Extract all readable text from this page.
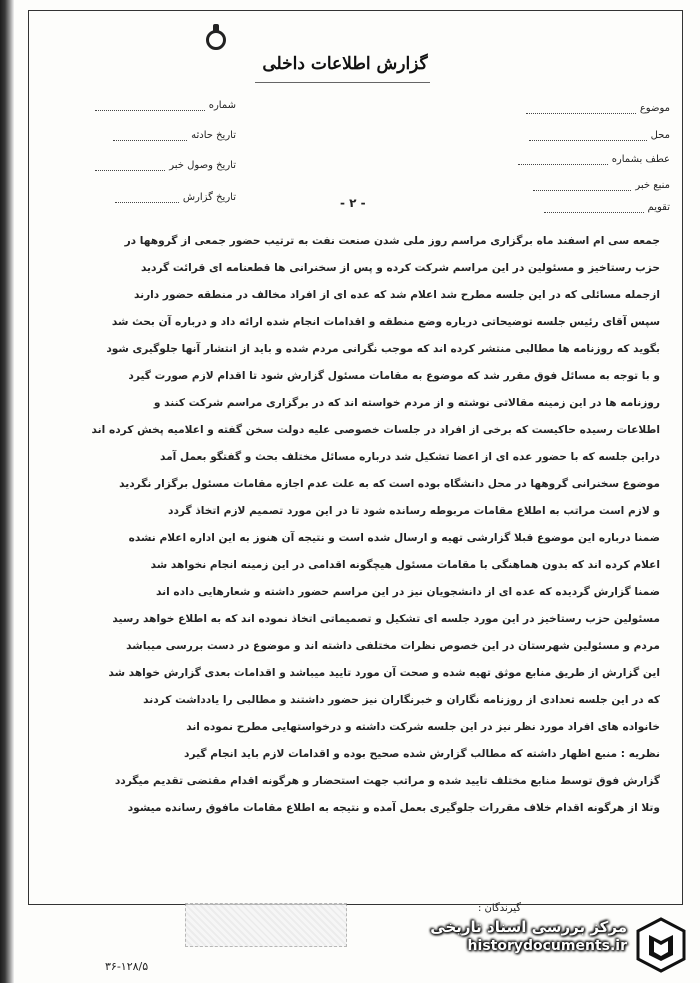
گزارش اطلاعات داخلی
موضوع
محل
عطف بشماره
منبع خبر
تقویم
شماره
تاریخ حادثه
تاریخ وصول خبر
تاریخ گزارش	- ۲ -
جمعه سی ام اسفند ماه برگزاری مراسم روز ملی شدن صنعت نفت به ترتیب حضور جمعی از گروهها در
حزب رستاخیز و مسئولین در این مراسم شرکت کرده و پس از سخنرانی ها قطعنامه ای قرائت گردید
ازجمله مسائلی که در این جلسه مطرح شد اعلام شد که عده ای از افراد مخالف در منطقه حضور دارند
سپس آقای رئیس جلسه توضیحاتی درباره وضع منطقه و اقدامات انجام شده ارائه داد و درباره آن بحث شد
بگوید که روزنامه ها مطالبی منتشر کرده اند که موجب نگرانی مردم شده و باید از انتشار آنها جلوگیری شود
و با توجه به مسائل فوق مقرر شد که موضوع به مقامات مسئول گزارش شود تا اقدام لازم صورت گیرد
روزنامه ها در این زمینه مقالاتی نوشته و از مردم خواسته اند که در برگزاری مراسم شرکت کنند و
اطلاعات رسیده حاکیست که برخی از افراد در جلسات خصوصی علیه دولت سخن گفته و اعلامیه پخش کرده اند
دراین جلسه که با حضور عده ای از اعضا تشکیل شد درباره مسائل مختلف بحث و گفتگو بعمل آمد
موضوع سخنرانی گروهها در محل دانشگاه بوده است که به علت عدم اجازه مقامات مسئول برگزار نگردید
و لازم است مراتب به اطلاع مقامات مربوطه رسانده شود تا در این مورد تصمیم لازم اتخاذ گردد
ضمنا درباره این موضوع قبلا گزارشی تهیه و ارسال شده است و نتیجه آن هنوز به این اداره اعلام نشده
اعلام کرده اند که بدون هماهنگی با مقامات مسئول هیچگونه اقدامی در این زمینه انجام نخواهد شد
ضمنا گزارش گردیده که عده ای از دانشجویان نیز در این مراسم حضور داشته و شعارهایی داده اند
مسئولین حزب رستاخیز در این مورد جلسه ای تشکیل و تصمیماتی اتخاذ نموده اند که به اطلاع خواهد رسید
مردم و مسئولین شهرستان در این خصوص نظرات مختلفی داشته اند و موضوع در دست بررسی میباشد
این گزارش از طریق منابع موثق تهیه شده و صحت آن مورد تایید میباشد و اقدامات بعدی گزارش خواهد شد
که در این جلسه تعدادی از روزنامه نگاران و خبرنگاران نیز حضور داشتند و مطالبی را یادداشت کردند
خانواده های افراد مورد نظر نیز در این جلسه شرکت داشته و درخواستهایی مطرح نموده اند
نظریه : منبع اظهار داشته که مطالب گزارش شده صحیح بوده و اقدامات لازم باید انجام گیرد
گزارش فوق توسط منابع مختلف تایید شده و مراتب جهت استحضار و هرگونه اقدام مقتضی تقدیم میگردد
وتلا از هرگونه اقدام خلاف مقررات جلوگیری بعمل آمده و نتیجه به اطلاع مقامات مافوق رسانده میشود
گیرندگان :
۳۶-۱۲۸/۵
مرکز بررسی اسناد تاریخی
historydocuments.ir
